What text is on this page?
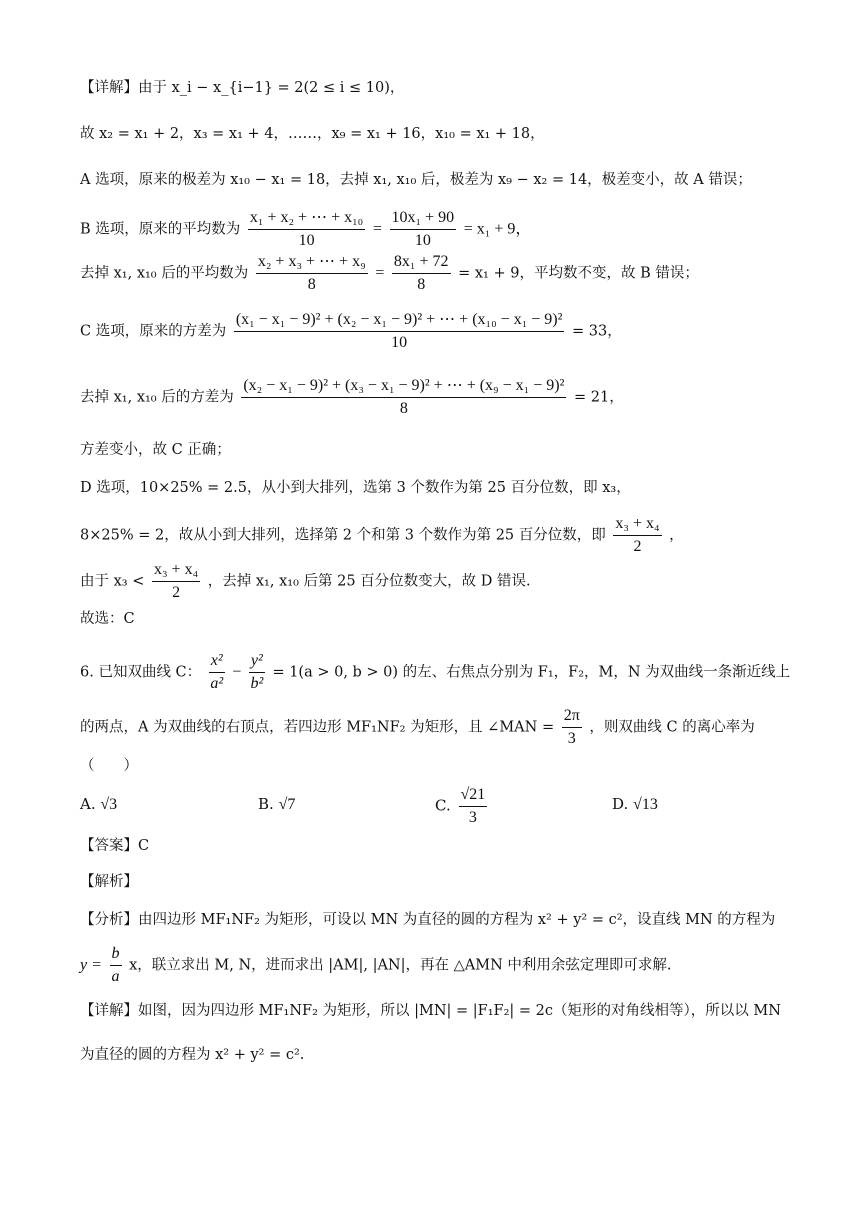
【详解】由于 x_i − x_{i−1} = 2(2 ≤ i ≤ 10)，
故 x₂ = x₁ + 2，x₃ = x₁ + 4，……，x₉ = x₁ + 16，x₁₀ = x₁ + 18，
A 选项，原来的极差为 x₁₀ − x₁ = 18，去掉 x₁, x₁₀ 后，极差为 x₉ − x₂ = 14，极差变小，故 A 错误；
B 选项，原来的平均数为 $\frac{\text{x₁ + x₂ + ⋯ + x₁₀}}{10} = \frac{\text{10x₁ + 90}}{10} = x_1 + 9$，
去掉 x₁, x₁₀ 后的平均数为 $\frac{\text{x₂ + x₃ + ⋯ + x₉}}{8} = \frac{\text{8x₁ + 72}}{8} = x_1 + 9$，平均数不变，故 B 错误；
C 选项，原来的方差为 $\frac{\text{(x₁ − x₁ − 9)² + (x₂ − x₁ − 9)² + ⋯ + (x₁₀ − x₁ − 9)²}}{10} = 33$，
去掉 x₁, x₁₀ 后的方差为 $\frac{\text{(x₂ − x₁ − 9)² + (x₃ − x₁ − 9)² + ⋯ + (x₉ − x₁ − 9)²}}{8} = 21$，
方差变小，故 C 正确；
D 选项，10×25% = 2.5，从小到大排列，选第 3 个数作为第 25 百分位数，即 x₃，
8×25% = 2，故从小到大排列，选择第 2 个和第 3 个数作为第 25 百分位数，即 $\frac{\text{x₃ + x₄}}{2}$ ，
由于 $x_3 < \frac{\text{x₃ + x₄}}{2}$ ，去掉 x₁, x₁₀ 后第 25 百分位数变大，故 D 错误.
故选：C
6. 已知双曲线 C： $\frac{\text{x²}}{\text{a²}} - \frac{\text{y²}}{\text{b²}} = 1(a > 0$, b > 0) 的左、右焦点分别为 F₁，F₂，M，N 为双曲线一条渐近线上
的两点，A 为双曲线的右顶点，若四边形 MF₁NF₂ 为矩形，且 ∠MAN = $\frac{2\pi}{3}$ ，则双曲线 C 的离心率为
（　　）
A. √3	B. √7	C. $\frac{√21}{3}$	D. √13
【答案】C
【解析】
【分析】由四边形 MF₁NF₂ 为矩形，可设以 MN 为直径的圆的方程为 x² + y² = c²，设直线 MN 的方程为
$y = \frac{b}{a}$ x，联立求出 M, N，进而求出 |AM|, |AN|，再在 △AMN 中利用余弦定理即可求解.
【详解】如图，因为四边形 MF₁NF₂ 为矩形，所以 |MN| = |F₁F₂| = 2c（矩形的对角线相等），所以以 MN
为直径的圆的方程为 x² + y² = c².
